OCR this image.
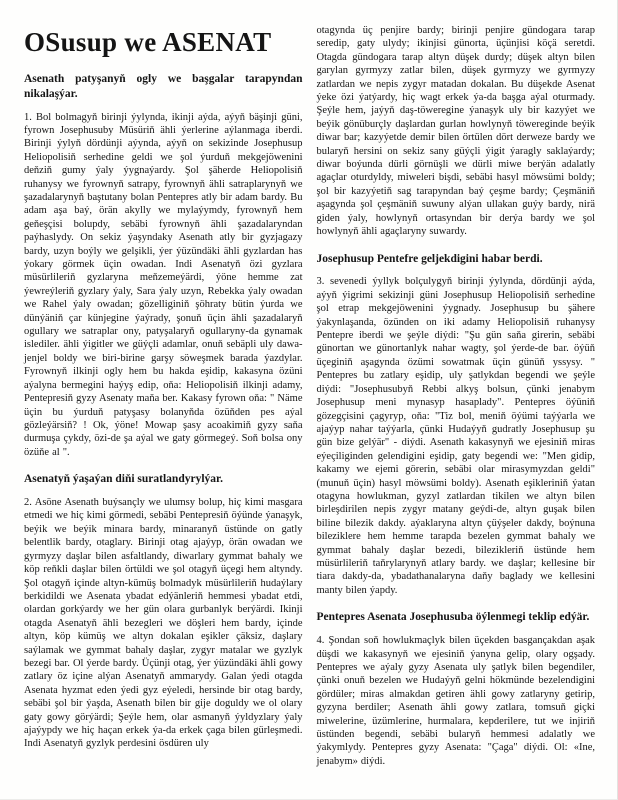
OSusup we ASENAT
Asenath patyşanyň ogly we başgalar tarapyndan nikalaşýar.

1. Bol bolmagyň birinji ýylynda, ikinji aýda, aýyň bäşinji güni, fyrown Josephusuby Müsüriň ähli ýerlerine aýlanmaga iberdi. Birinji ýylyň dördünji aýynda, aýyň on sekizinde Josephusup Heliopolisiň serhedine geldi we şol ýurduň mekgejöwenini deňziň gumy ýaly ýygnaýardy. Şol şäherde Heliopolisiň ruhanysy we fyrownyň satrapy, fyrownyň ähli satraplarynyň we şazadalarynyň baştutany bolan Pentepres atly bir adam bardy. Bu adam aşa baý, örän akylly we mylaýymdy, fyrownyň hem geňeşçisi bolupdy, sebäbi fyrownyň ähli şazadalaryndan paýhaslydy. On sekiz ýaşyndaky Asenath atly bir gyzjagazy bardy, uzyn boýly we gelşikli, ýer ýüzündäki ähli gyzlardan has ýokary görmek üçin owadan. Indi Asenatyň özi gyzlara müsürlileriň gyzlaryna meňzemeýärdi, ýöne hemme zat ýewreýleriň gyzlary ýaly, Sara ýaly uzyn, Rebekka ýaly owadan we Rahel ýaly owadan; gözelliginiň şöhraty bütin ýurda we dünýäniň çar künjegine ýaýrady, şonuň üçin ähli şazadalaryň ogullary we satraplar ony, patyşalaryň ogullaryny-da gynamak islediler. ähli ýigitler we güýçli adamlar, onuň sebäpli uly dawa-jenjel boldy we biri-birine garşy söweşmek barada ýazdylar. Fyrownyň ilkinji ogly hem bu hakda eşidip, kakasyna özüni aýalyna bermegini haýyş edip, oňa: Heliopolisiň ilkinji adamy, Pentepresiň gyzy Asenaty maňa ber. Kakasy fyrown oňa: " Näme üçin bu ýurduň patyşasy bolanyňda özüňden pes aýal gözleýärsiň? ! Ok, ýöne! Mowap şasy acoakimiň gyzy saňa durmuşa çykdy, özi-de şa aýal we gaty görmegeý. Soň bolsa ony özüňe al ".

Asenatyň ýaşaýan diňi suratlandyrylýar.

2. Asöne Asenath buýsançly we ulumsy bolup, hiç kimi masgara etmedi we hiç kimi görmedi, sebäbi Pentepresiň öýünde ýanaşyk, beýik we beýik minara bardy, minaranyň üstünde on gatly belentlik bardy, otaglary. Birinji otag ajaýyp, örän owadan we gyrmyzy daşlar bilen asfaltlandy, diwarlary gymmat bahaly we köp reňkli daşlar bilen örtüldi we şol otagyň üçegi hem altyndy. Şol otagyň içinde altyn-kümüş bolmadyk müsürlileriň hudaýlary berkidildi we Asenata ybadat edýänleriň hemmesi ybadat etdi, olardan gorkýardy we her gün olara gurbanlyk berýärdi. Ikinji otagda Asenatyň ähli bezegleri we döşleri hem bardy, içinde altyn, köp kümüş we altyn dokalan eşikler çäksiz, daşlary saýlamak we gymmat bahaly daşlar, zygyr matalar we gyzlyk bezegi bar. Ol ýerde bardy. Üçünji otag, ýer ýüzündäki ähli gowy zatlary öz içine alýan Asenatyň ammarydy. Galan ýedi otagda Asenata hyzmat eden ýedi gyz eýeledi, hersinde bir otag bardy, sebäbi şol bir ýaşda, Asenath bilen bir gije doguldy we ol olary gaty gowy görýärdi; Şeýle hem, olar asmanyň ýyldyzlary ýaly ajaýypdy we hiç haçan erkek ýa-da erkek çaga bilen gürleşmedi. Indi Asenatyň gyzlyk perdesini ösdüren uly

otagynda üç penjire bardy; birinji penjire gündogara tarap seredip, gaty ulydy; ikinjisi günorta, üçünjisi köçä seretdi. Otagda gündogara tarap altyn düşek durdy; düşek altyn bilen garylan gyrmyzy zatlar bilen, düşek gyrmyzy we gyrmyzy zatlardan we nepis zygyr matadan dokalan. Bu düşekde Asenat ýeke özi ýatýardy, hiç wagt erkek ýa-da başga aýal oturmady. Şeýle hem, jaýyň daş-töweregine ýanaşyk uly bir kazyýet we beýik gönüburçly daşlardan gurlan howlynyň töwereginde beýik diwar bar; kazyýetde demir bilen örtülen dört derweze bardy we bularyň hersini on sekiz sany güýçli ýigit ýaragly saklaýardy; diwar boýunda dürli görnüşli we dürli miwe berýän adalatly agaçlar oturdyldy, miweleri bişdi, sebäbi hasyl möwsümi boldy; şol bir kazyýetiň sag tarapyndan baý çeşme bardy; Çeşmäniň aşagynda şol çeşmäniň suwuny alýan ullakan guýy bardy, nirä giden ýaly, howlynyň ortasyndan bir derýa bardy we şol howlynyň ähli agaçlaryny suwardy.

Josephusup Pentefre geljekdigini habar berdi.

3. sevenedi ýyllyk bolçulygyň birinji ýylynda, dördünji aýda, aýyň ýigrimi sekizinji güni Josephusup Heliopolisiň serhedine şol etrap mekgejöwenini ýygnady. Josephusup bu şähere ýakynlaşanda, özünden on iki adamy Heliopolisiň ruhanysy Pentepre iberdi we şeýle diýdi: "Şu gün saňa girerin, sebäbi günortan we günortanlyk nahar wagty, şol ýerde-de bar. öýüň üçeginiň aşagynda özümi sowatmak üçin günüň yssysy. " Pentepres bu zatlary eşidip, uly şatlykdan begendi we şeýle diýdi: "Josephusubyň Rebbi alkyş bolsun, çünki jenabym Josephusup meni mynasyp hasaplady". Pentepres öýüniň gözegçisini çagyryp, oňa: "Tiz bol, meniň öýümi taýýarla we ajaýyp nahar taýýarla, çünki Hudaýyň gudratly Josephusup şu gün bize gelýär" - diýdi. Asenath kakasynyň we ejesiniň miras eýeçiliginden gelendigini eşidip, gaty begendi we: "Men gidip, kakamy we ejemi görerin, sebäbi olar mirasymyzdan geldi" (munuň üçin) hasyl möwsümi boldy). Asenath eşikleriniň ýatan otagyna howlukman, gyzyl zatlardan tikilen we altyn bilen birleşdirilen nepis zygyr matany geýdi-de, altyn guşak bilen biline bilezik dakdy. aýaklaryna altyn çüýşeler dakdy, boýnuna bileziklere hem hemme tarapda bezelen gymmat bahaly we gymmat bahaly daşlar bezedi, bilezikleriň üstünde hem müsürlileriň taňrylarynyň atlary bardy. we daşlar; kellesine bir tiara dakdy-da, ybadathanalaryna daňy baglady we kellesini manty bilen ýapdy.

Pentepres Asenata Josephusuba öýlenmegi teklip edýär.

4. Şondan soň howlukmaçlyk bilen üçekden basgançakdan aşak düşdi we kakasynyň we ejesiniň ýanyna gelip, olary ogşady. Pentepres we aýaly gyzy Asenata uly şatlyk bilen begendiler, çünki onuň bezelen we Hudaýyň gelni hökmünde bezelendigini gördüler; miras almakdan getiren ähli gowy zatlaryny getirip, gyzyna berdiler; Asenath ähli gowy zatlara, tomsuň giçki miwelerine, üzümlerine, hurmalara, kepderilere, tut we injiriň üstünden begendi, sebäbi bularyň hemmesi adalatly we ýakymlydy. Pentepres gyzy Asenata: "Çaga" diýdi. Ol: «Ine, jenabym» diýdi.
